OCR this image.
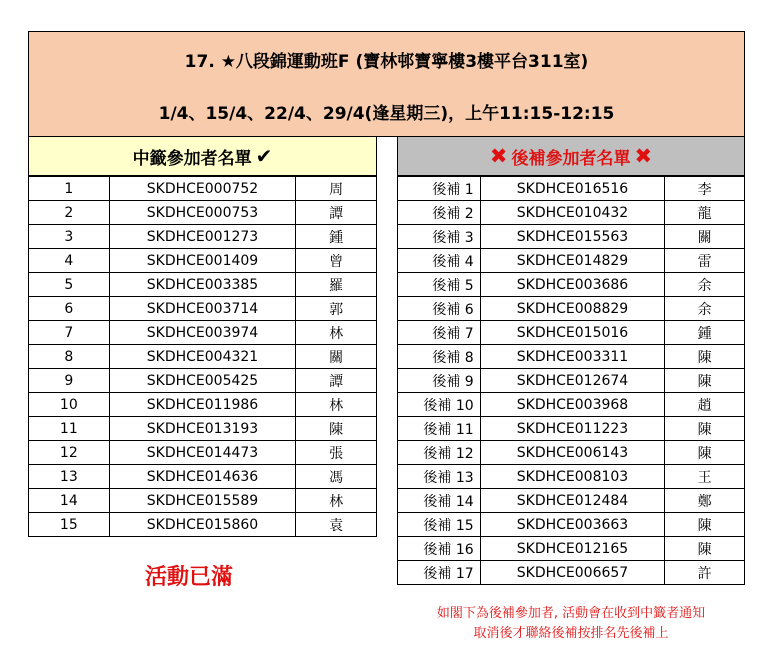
17. ★八段錦運動班F (寶林邨寶寧樓3樓平台311室)
1/4、15/4、22/4、29/4(逢星期三)，上午11:15-12:15
中籤參加者名單 ✔	✖ 後補參加者名單 ✖
1	SKDHCE000752	周
2	SKDHCE000753	譚
3	SKDHCE001273	鍾
4	SKDHCE001409	曾
5	SKDHCE003385	羅
6	SKDHCE003714	郭
7	SKDHCE003974	林
8	SKDHCE004321	關
9	SKDHCE005425	譚
10	SKDHCE011986	林
11	SKDHCE013193	陳
12	SKDHCE014473	張
13	SKDHCE014636	馮
14	SKDHCE015589	林
15	SKDHCE015860	袁
後補 1	SKDHCE016516	李
後補 2	SKDHCE010432	龍
後補 3	SKDHCE015563	關
後補 4	SKDHCE014829	雷
後補 5	SKDHCE003686	余
後補 6	SKDHCE008829	余
後補 7	SKDHCE015016	鍾
後補 8	SKDHCE003311	陳
後補 9	SKDHCE012674	陳
後補 10	SKDHCE003968	趙
後補 11	SKDHCE011223	陳
後補 12	SKDHCE006143	陳
後補 13	SKDHCE008103	王
後補 14	SKDHCE012484	鄭
後補 15	SKDHCE003663	陳
後補 16	SKDHCE012165	陳
後補 17	SKDHCE006657	許
活動已滿
如閣下為後補參加者, 活動會在收到中籤者通知
取消後才聯絡後補按排名先後補上
